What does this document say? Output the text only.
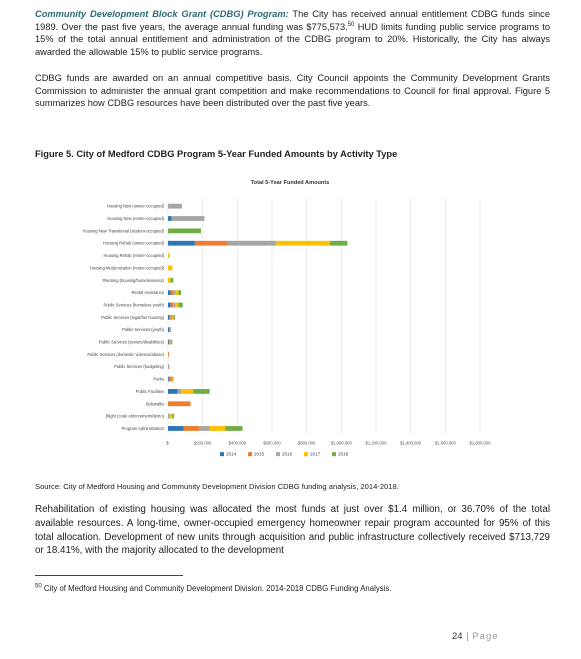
Community Development Block Grant (CDBG) Program: The City has received annual entitlement CDBG funds since 1989. Over the past five years, the average annual funding was $775,573.50 HUD limits funding public service programs to 15% of the total annual entitlement and administration of the CDBG program to 20%. Historically, the City has always awarded the allowable 15% to public service programs.

CDBG funds are awarded on an annual competitive basis. City Council appoints the Community Development Grants Commission to administer the annual grant competition and make recommendations to Council for final approval. Figure 5 summarizes how CDBG resources have been distributed over the past five years.

Figure 5. City of Medford CDBG Program 5-Year Funded Amounts by Activity Type
Total 5-Year Funded Amounts
$-	$200,000	$400,000	$600,000	$800,000	$1,000,000	$1,200,000	$1,400,000	$1,600,000	$1,800,000
Housing New (owner-occupied)
Housing New (renter-occupied)
Housing New Transitional (student-occupied)
Housing Rehab (owner-occupied)
Housing Rehab (renter-occupied)
Housing Modernization (renter-occupied)
Planning (housing/homelessness)
Rental Assistance
Public Services (homeless youth)
Public Services (legal/fair housing)
Public Services (youth)
Public Services (seniors/disabilities)
Public Services (domestic violence/abuse)
Public Services (budgeting)
Parks
Public Facilities
Sidewalks
Blight (code enforcement/demo)
Program Administration
2014	2015	2016	2017	2018
Source: City of Medford Housing and Community Development Division CDBG funding analysis, 2014-2018.

Rehabilitation of existing housing was allocated the most funds at just over $1.4 million, or 36.70% of the total available resources. A long-time, owner-occupied emergency homeowner repair program accounted for 95% of this total allocation. Development of new units through acquisition and public infrastructure collectively received $713,729 or 18.41%, with the majority allocated to the development

$^{50}$ City of Medford Housing and Community Development Division. 2014-2018 CDBG Funding Analysis.
24 | Page
